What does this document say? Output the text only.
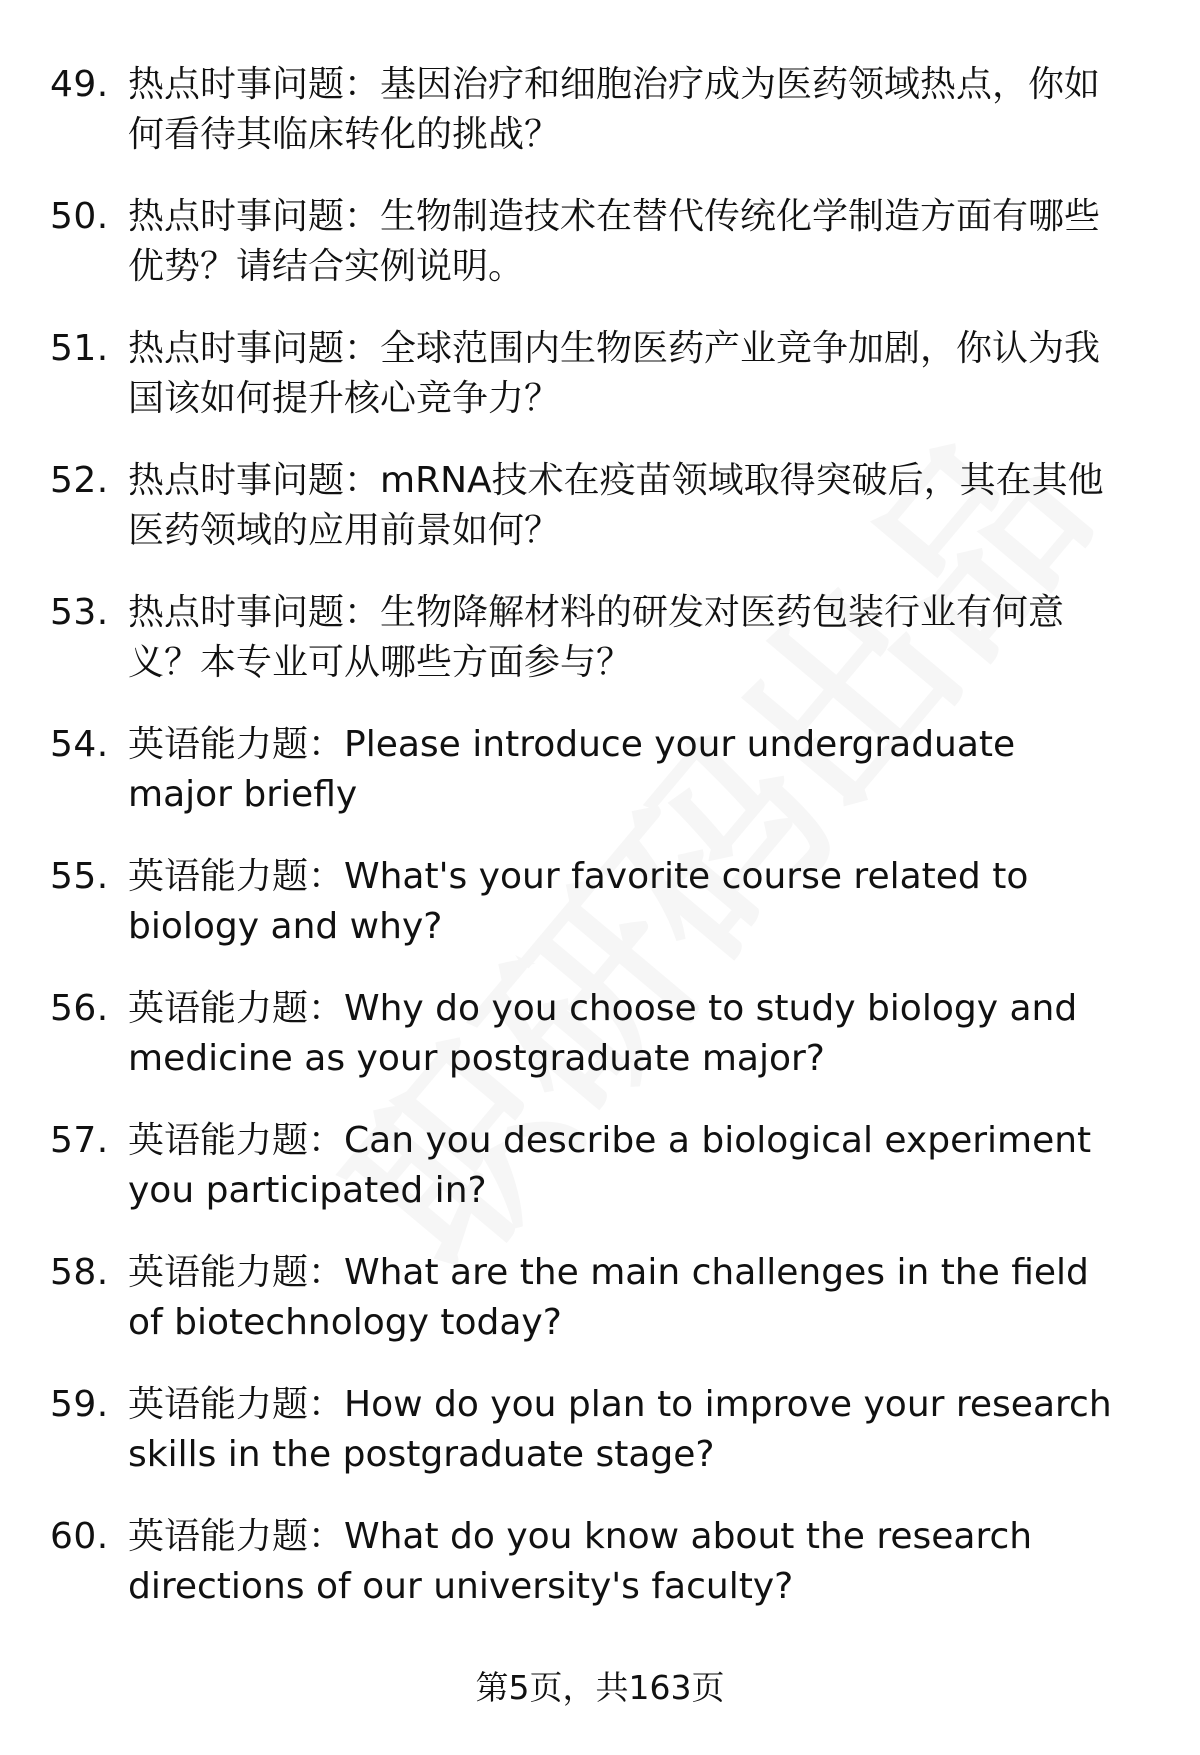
49. 热点时事问题：基因治疗和细胞治疗成为医药领域热点，你如何看待其临床转化的挑战？
50. 热点时事问题：生物制造技术在替代传统化学制造方面有哪些优势？请结合实例说明。
51. 热点时事问题：全球范围内生物医药产业竞争加剧，你认为我国该如何提升核心竞争力？
52. 热点时事问题：mRNA技术在疫苗领域取得突破后，其在其他医药领域的应用前景如何？
53. 热点时事问题：生物降解材料的研发对医药包装行业有何意义？本专业可从哪些方面参与？
54. 英语能力题：Please introduce your undergraduate major briefly
55. 英语能力题：What's your favorite course related to biology and why?
56. 英语能力题：Why do you choose to study biology and medicine as your postgraduate major?
57. 英语能力题：Can you describe a biological experiment you participated in?
58. 英语能力题：What are the main challenges in the field of biotechnology today?
59. 英语能力题：How do you plan to improve your research skills in the postgraduate stage?
60. 英语能力题：What do you know about the research directions of our university's faculty?
第5页，共163页
